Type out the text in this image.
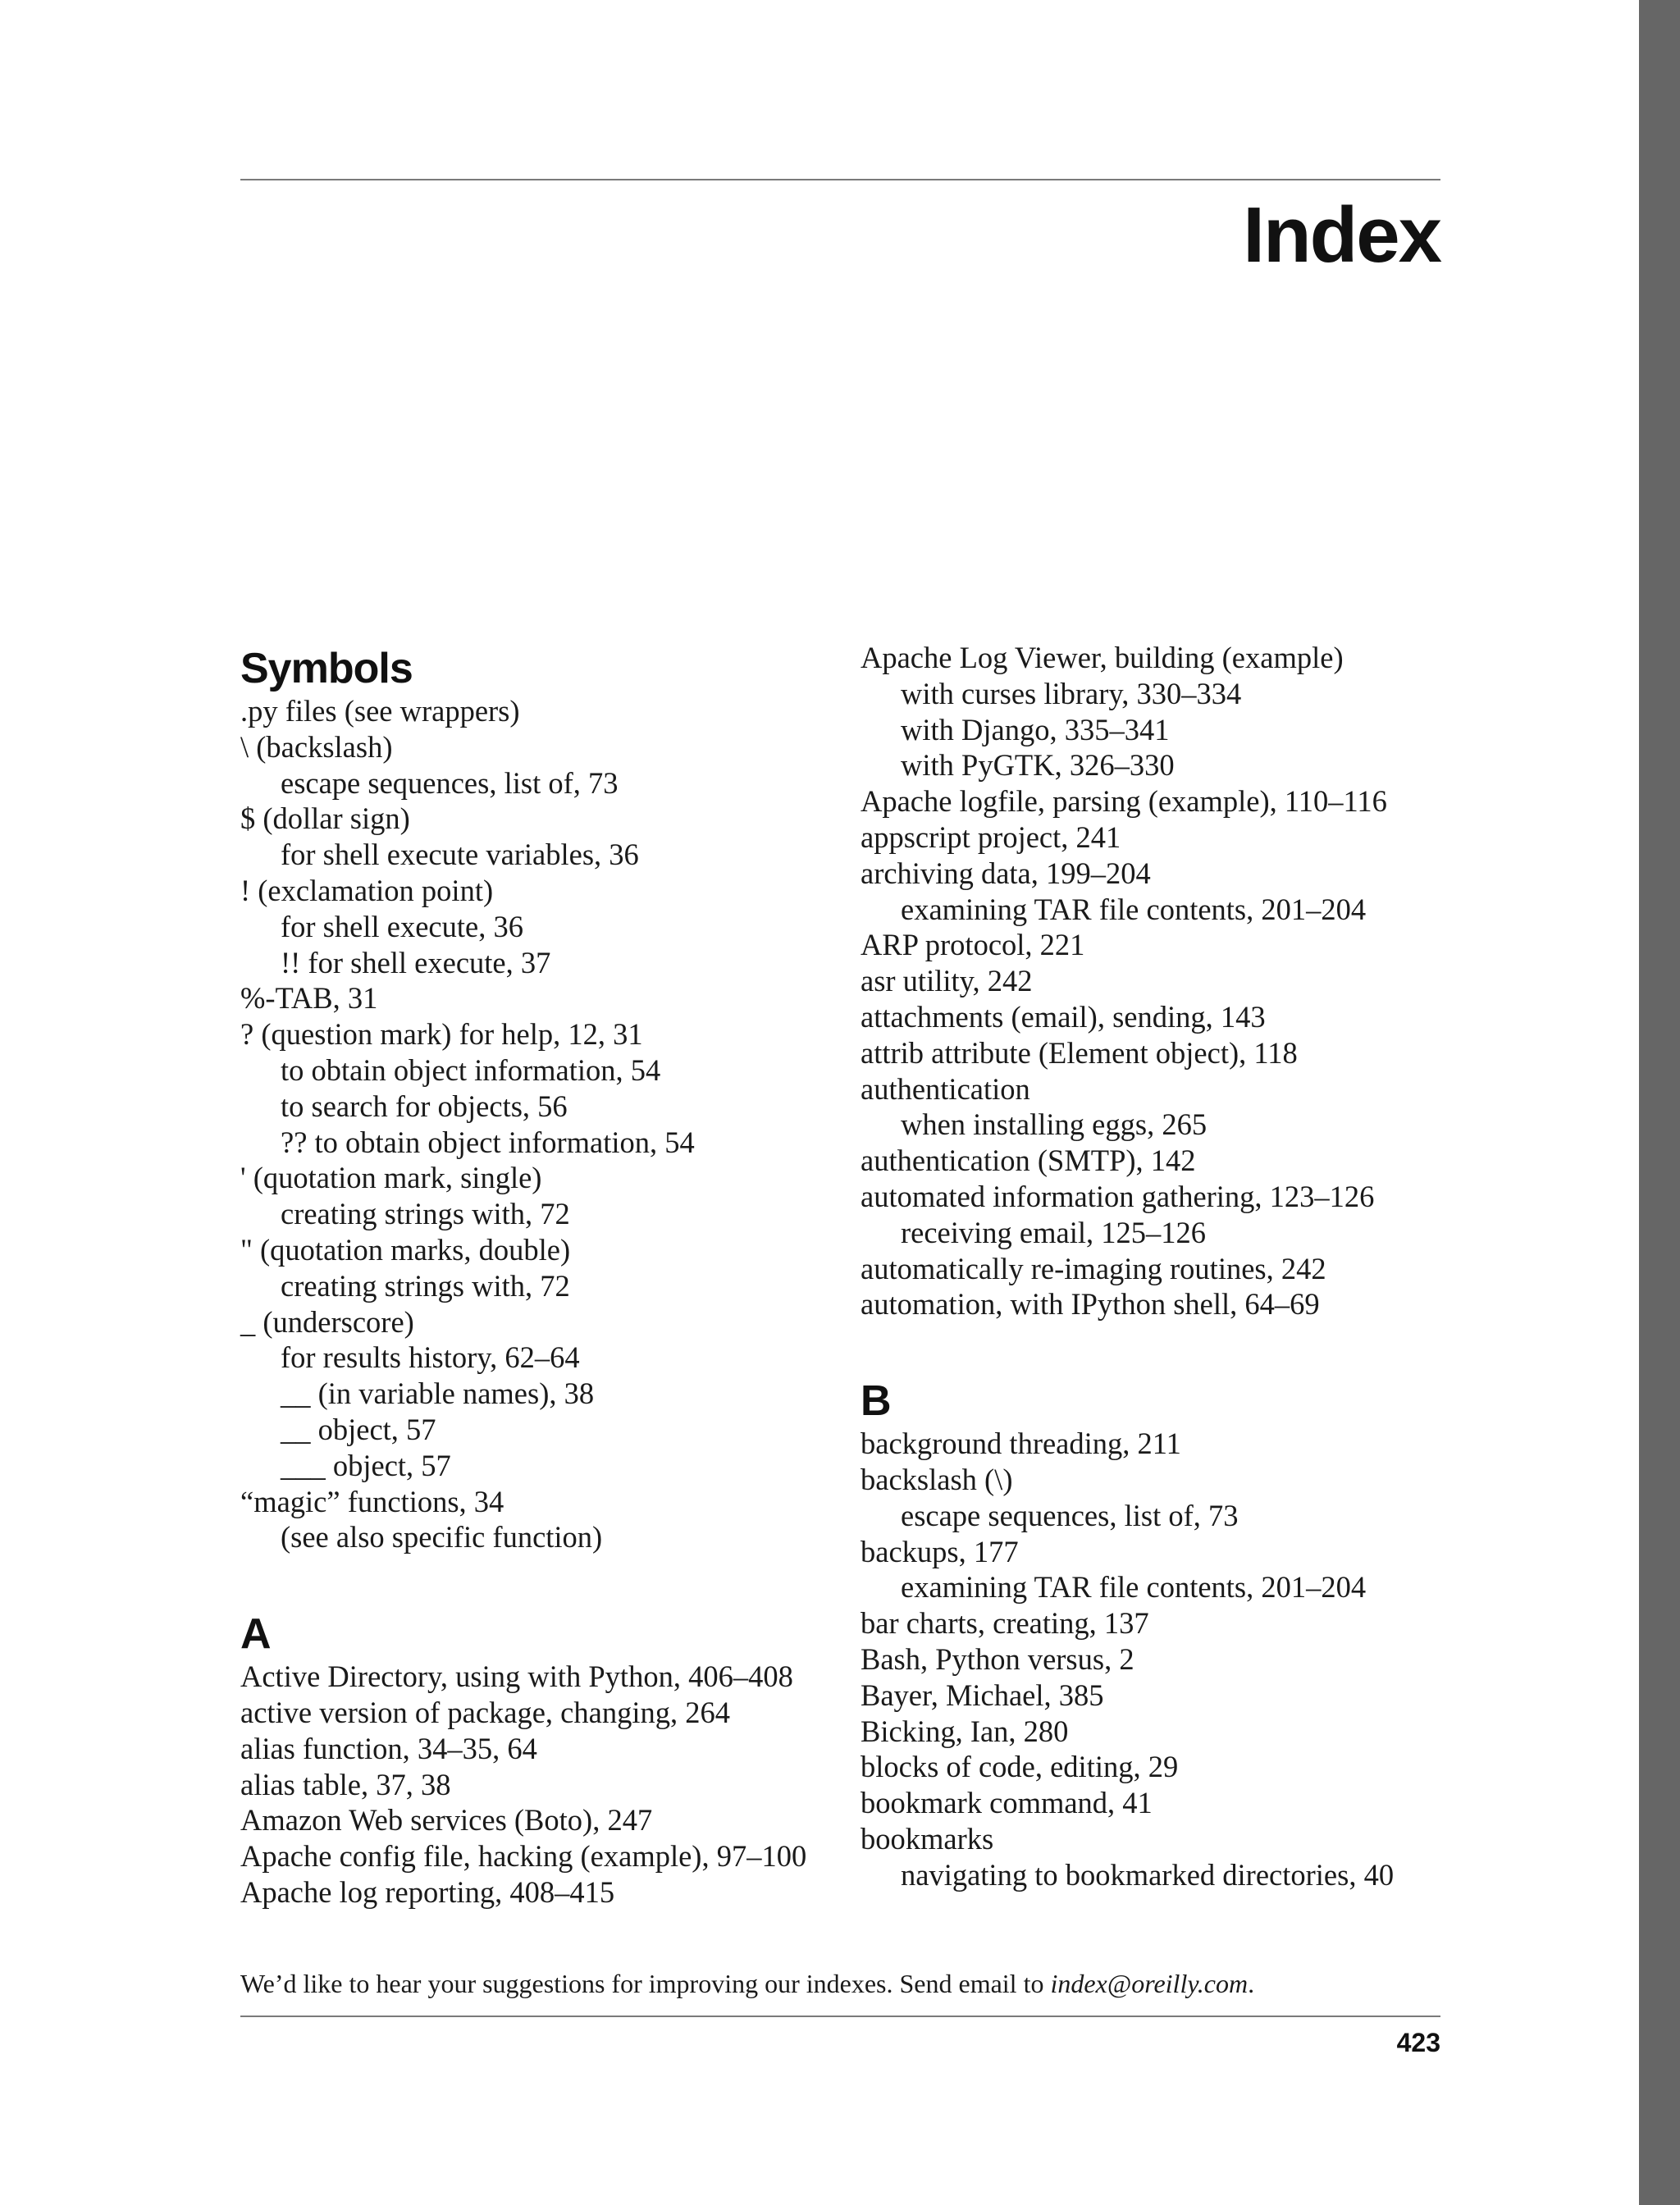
Index
Symbols
.py files (see wrappers)
\ (backslash)
escape sequences, list of, 73
$ (dollar sign)
for shell execute variables, 36
! (exclamation point)
for shell execute, 36
!! for shell execute, 37
%-TAB, 31
? (question mark) for help, 12, 31
to obtain object information, 54
to search for objects, 56
?? to obtain object information, 54
' (quotation mark, single)
creating strings with, 72
" (quotation marks, double)
creating strings with, 72
_ (underscore)
for results history, 62–64
__ (in variable names), 38
__ object, 57
___ object, 57
“magic” functions, 34
(see also specific function)
A
Active Directory, using with Python, 406–408
active version of package, changing, 264
alias function, 34–35, 64
alias table, 37, 38
Amazon Web services (Boto), 247
Apache config file, hacking (example), 97–100
Apache log reporting, 408–415
Apache Log Viewer, building (example)
with curses library, 330–334
with Django, 335–341
with PyGTK, 326–330
Apache logfile, parsing (example), 110–116
appscript project, 241
archiving data, 199–204
examining TAR file contents, 201–204
ARP protocol, 221
asr utility, 242
attachments (email), sending, 143
attrib attribute (Element object), 118
authentication
when installing eggs, 265
authentication (SMTP), 142
automated information gathering, 123–126
receiving email, 125–126
automatically re-imaging routines, 242
automation, with IPython shell, 64–69
B
background threading, 211
backslash (\)
escape sequences, list of, 73
backups, 177
examining TAR file contents, 201–204
bar charts, creating, 137
Bash, Python versus, 2
Bayer, Michael, 385
Bicking, Ian, 280
blocks of code, editing, 29
bookmark command, 41
bookmarks
navigating to bookmarked directories, 40
We’d like to hear your suggestions for improving our indexes. Send email to index@oreilly.com.
423
